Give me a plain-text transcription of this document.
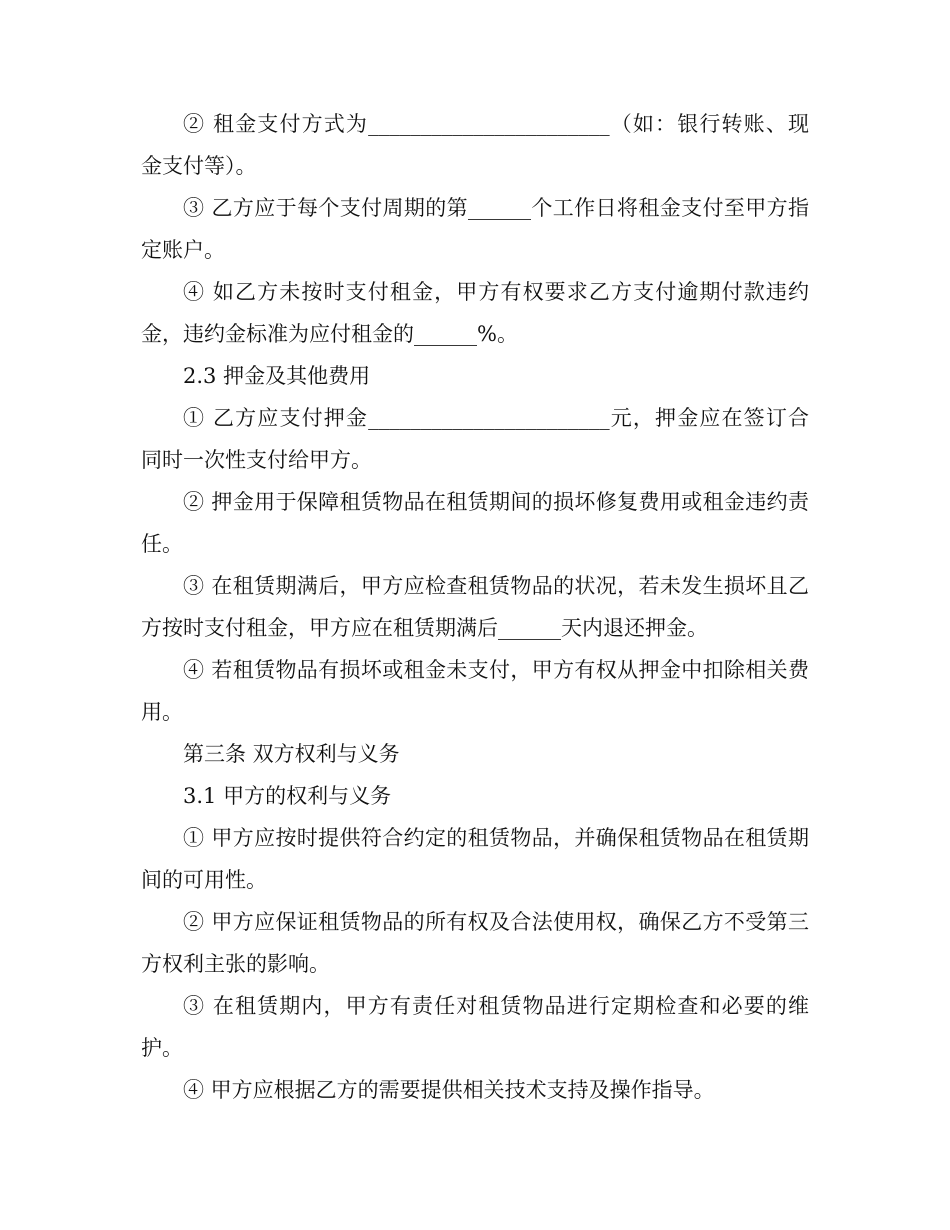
② 租金支付方式为_______________________（如：银行转账、现金支付等）。

③ 乙方应于每个支付周期的第______个工作日将租金支付至甲方指定账户。

④ 如乙方未按时支付租金，甲方有权要求乙方支付逾期付款违约金，违约金标准为应付租金的______%。

2.3 押金及其他费用

① 乙方应支付押金_______________________元，押金应在签订合同时一次性支付给甲方。

② 押金用于保障租赁物品在租赁期间的损坏修复费用或租金违约责任。

③ 在租赁期满后，甲方应检查租赁物品的状况，若未发生损坏且乙方按时支付租金，甲方应在租赁期满后______天内退还押金。

④ 若租赁物品有损坏或租金未支付，甲方有权从押金中扣除相关费用。

第三条 双方权利与义务

3.1 甲方的权利与义务

① 甲方应按时提供符合约定的租赁物品，并确保租赁物品在租赁期间的可用性。

② 甲方应保证租赁物品的所有权及合法使用权，确保乙方不受第三方权利主张的影响。

③ 在租赁期内，甲方有责任对租赁物品进行定期检查和必要的维护。

④ 甲方应根据乙方的需要提供相关技术支持及操作指导。
